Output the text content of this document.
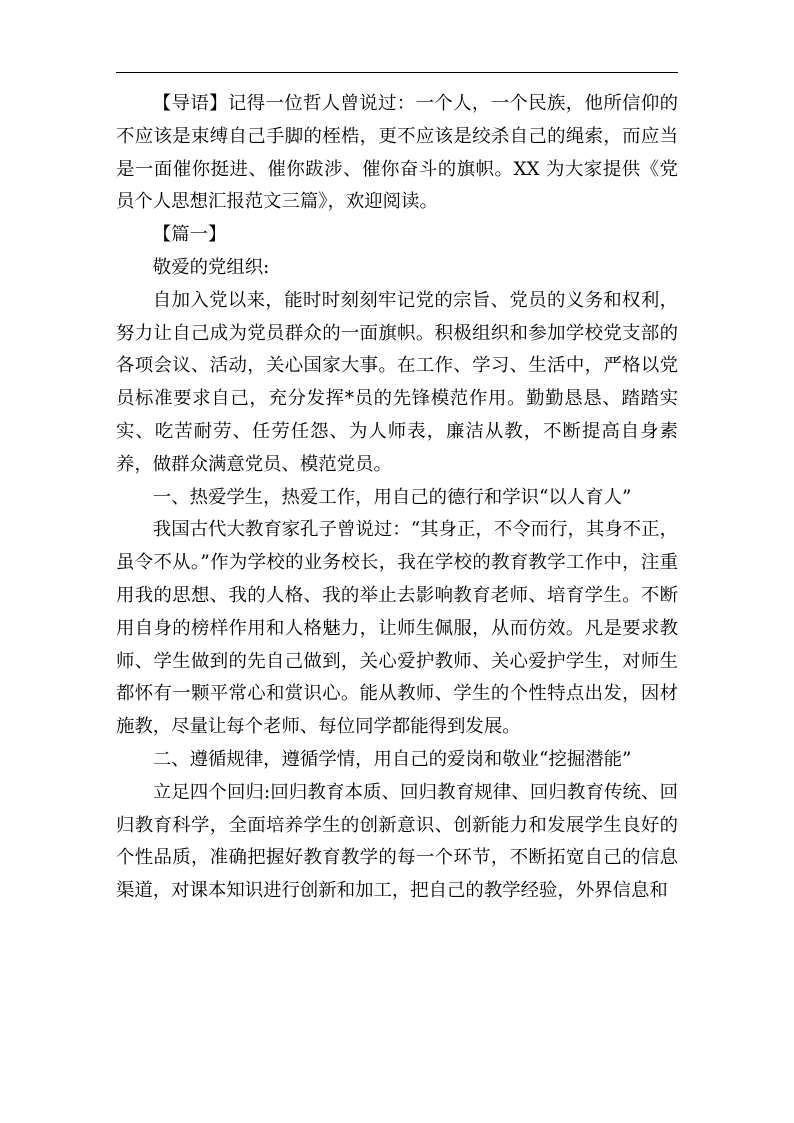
【导语】记得一位哲人曾说过：一个人，一个民族，他所信仰的不应该是束缚自己手脚的桎梏，更不应该是绞杀自己的绳索，而应当是一面催你挺进、催你跋涉、催你奋斗的旗帜。XX 为大家提供《党员个人思想汇报范文三篇》，欢迎阅读。

【篇一】

敬爱的党组织:

自加入党以来，能时时刻刻牢记党的宗旨、党员的义务和权利，努力让自己成为党员群众的一面旗帜。积极组织和参加学校党支部的各项会议、活动，关心国家大事。在工作、学习、生活中，严格以党员标准要求自己，充分发挥*员的先锋模范作用。勤勤恳恳、踏踏实实、吃苦耐劳、任劳任怨、为人师表，廉洁从教，不断提高自身素养，做群众满意党员、模范党员。

一、热爱学生，热爱工作，用自己的德行和学识“以人育人”

我国古代大教育家孔子曾说过：“其身正，不令而行，其身不正，虽令不从。”作为学校的业务校长，我在学校的教育教学工作中，注重用我的思想、我的人格、我的举止去影响教育老师、培育学生。不断用自身的榜样作用和人格魅力，让师生佩服，从而仿效。凡是要求教师、学生做到的先自己做到，关心爱护教师、关心爱护学生，对师生都怀有一颗平常心和赏识心。能从教师、学生的个性特点出发，因材施教，尽量让每个老师、每位同学都能得到发展。

二、遵循规律，遵循学情，用自己的爱岗和敬业“挖掘潜能”

立足四个回归:回归教育本质、回归教育规律、回归教育传统、回归教育科学，全面培养学生的创新意识、创新能力和发展学生良好的个性品质，准确把握好教育教学的每一个环节，不断拓宽自己的信息渠道，对课本知识进行创新和加工，把自己的教学经验，外界信息和
